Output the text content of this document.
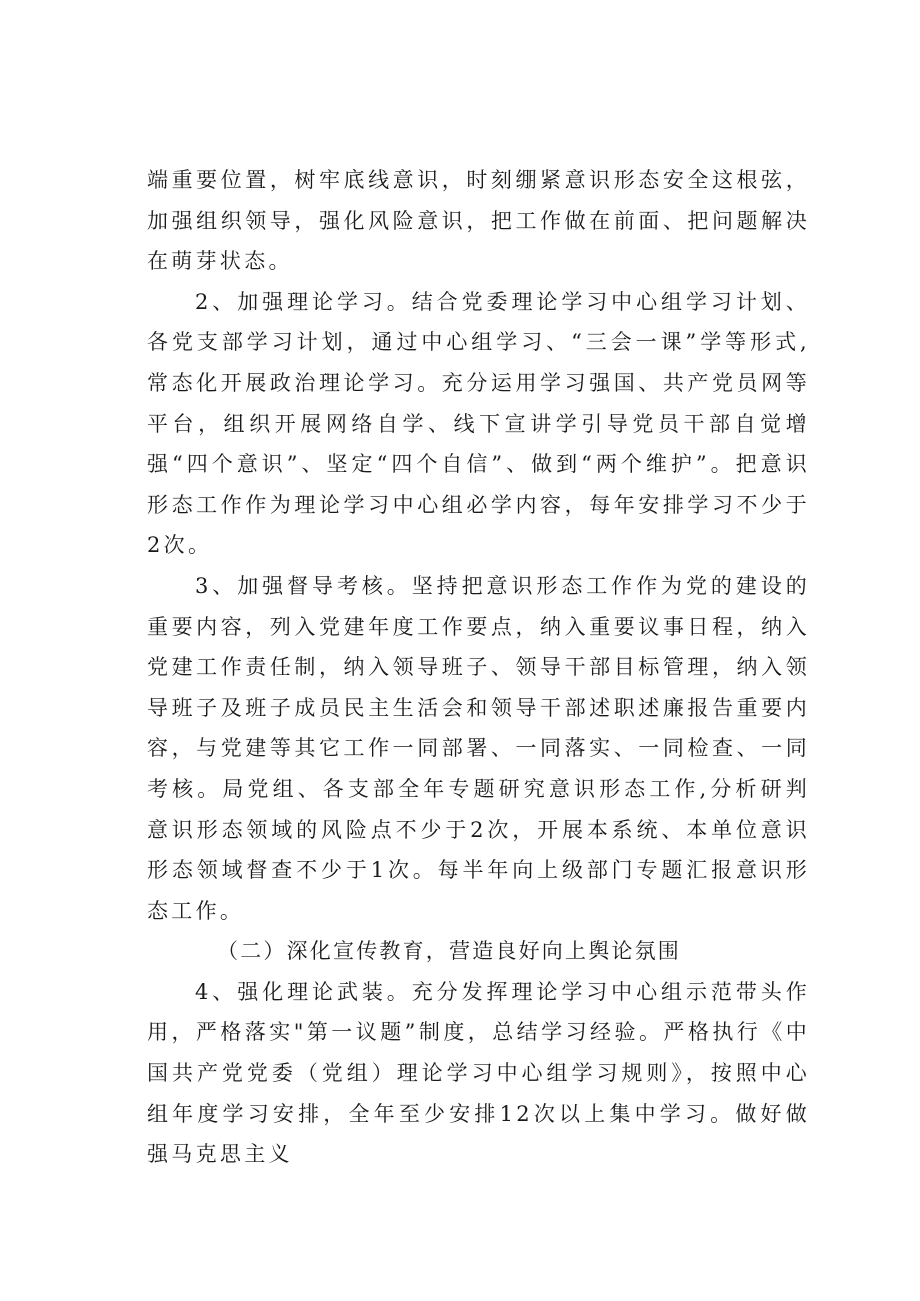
端重要位置，树牢底线意识，时刻绷紧意识形态安全这根弦，加强组织领导，强化风险意识，把工作做在前面、把问题解决在萌芽状态。

2、加强理论学习。结合党委理论学习中心组学习计划、各党支部学习计划，通过中心组学习、“三会一课”学等形式,常态化开展政治理论学习。充分运用学习强国、共产党员网等平台，组织开展网络自学、线下宣讲学引导党员干部自觉增强“四个意识”、坚定“四个自信”、做到“两个维护”。把意识形态工作作为理论学习中心组必学内容，每年安排学习不少于2次。

3、加强督导考核。坚持把意识形态工作作为党的建设的重要内容，列入党建年度工作要点，纳入重要议事日程，纳入党建工作责任制，纳入领导班子、领导干部目标管理，纳入领导班子及班子成员民主生活会和领导干部述职述廉报告重要内容，与党建等其它工作一同部署、一同落实、一同检查、一同考核。局党组、各支部全年专题研究意识形态工作,分析研判意识形态领域的风险点不少于2次，开展本系统、本单位意识形态领域督查不少于1次。每半年向上级部门专题汇报意识形态工作。

（二）深化宣传教育，营造良好向上舆论氛围

4、强化理论武装。充分发挥理论学习中心组示范带头作用，严格落实"第一议题”制度，总结学习经验。严格执行《中国共产党党委（党组）理论学习中心组学习规则》，按照中心组年度学习安排，全年至少安排12次以上集中学习。做好做强马克思主义
